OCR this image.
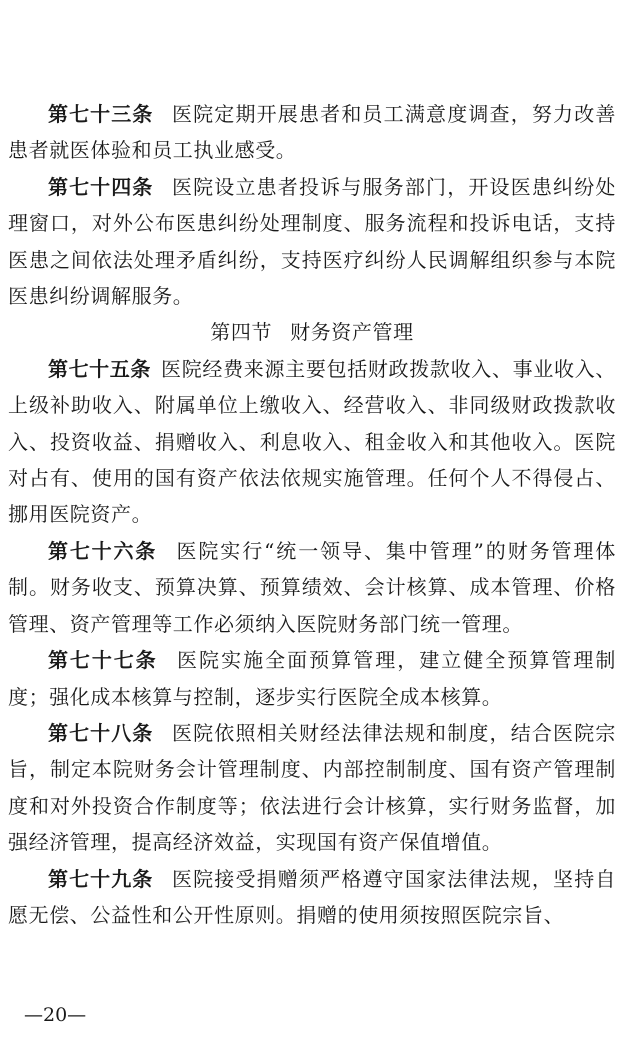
第七十三条 医院定期开展患者和员工满意度调查，努力改善患者就医体验和员工执业感受。

第七十四条 医院设立患者投诉与服务部门，开设医患纠纷处理窗口，对外公布医患纠纷处理制度、服务流程和投诉电话，支持医患之间依法处理矛盾纠纷，支持医疗纠纷人民调解组织参与本院医患纠纷调解服务。

第四节 财务资产管理

第七十五条 医院经费来源主要包括财政拨款收入、事业收入、上级补助收入、附属单位上缴收入、经营收入、非同级财政拨款收入、投资收益、捐赠收入、利息收入、租金收入和其他收入。医院对占有、使用的国有资产依法依规实施管理。任何个人不得侵占、挪用医院资产。

第七十六条 医院实行“统一领导、集中管理”的财务管理体制。财务收支、预算决算、预算绩效、会计核算、成本管理、价格管理、资产管理等工作必须纳入医院财务部门统一管理。

第七十七条 医院实施全面预算管理，建立健全预算管理制度；强化成本核算与控制，逐步实行医院全成本核算。

第七十八条 医院依照相关财经法律法规和制度，结合医院宗旨，制定本院财务会计管理制度、内部控制制度、国有资产管理制度和对外投资合作制度等；依法进行会计核算，实行财务监督，加强经济管理，提高经济效益，实现国有资产保值增值。

第七十九条 医院接受捐赠须严格遵守国家法律法规，坚持自愿无偿、公益性和公开性原则。捐赠的使用须按照医院宗旨、

—20—
